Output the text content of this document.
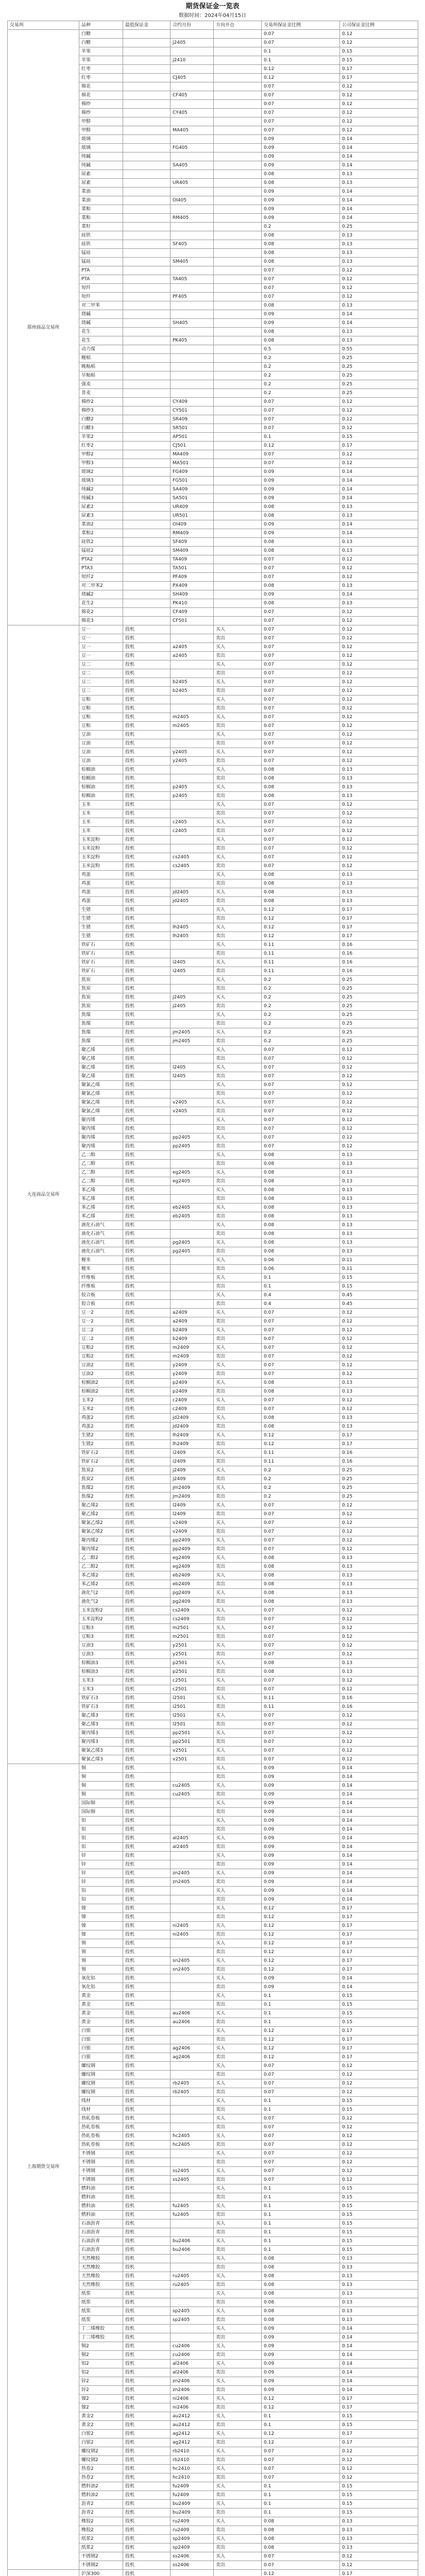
期货保证金一览表
数据时间：2024年04月15日
交易所	品种	最低保证金	合约月份	方向开仓	交易所保证金比例	公司保证金比例
郑州商品交易所	白糖				0.07	0.12
	白糖		j2405		0.07	0.12
	苹果				0.1	0.15
	苹果		j2410		0.1	0.15
	红枣				0.12	0.17
	红枣		CJ405		0.12	0.17
	棉花				0.07	0.12
	棉花		CF405		0.07	0.12
	棉纱				0.07	0.12
	棉纱		CY405		0.07	0.12
	甲醇				0.07	0.12
	甲醇		MA405		0.07	0.12
	玻璃				0.09	0.14
	玻璃		FG405		0.09	0.14
	纯碱				0.09	0.14
	纯碱		SA405		0.09	0.14
	尿素				0.08	0.13
	尿素		UR405		0.08	0.13
	菜油				0.09	0.14
	菜油		OI405		0.09	0.14
	菜粕				0.09	0.14
	菜粕		RM405		0.09	0.14
	菜籽				0.2	0.25
	硅铁				0.08	0.13
	硅铁		SF405		0.08	0.13
	锰硅				0.08	0.13
	锰硅		SM405		0.08	0.13
	PTA				0.07	0.12
	PTA		TA405		0.07	0.12
	短纤				0.07	0.12
	短纤		PF405		0.07	0.12
	对二甲苯				0.08	0.13
	烧碱				0.09	0.14
	烧碱		SH405		0.09	0.14
	花生				0.08	0.13
	花生		PK405		0.08	0.13
	动力煤				0.5	0.55
	粳稻				0.2	0.25
	晚籼稻				0.2	0.25
	早籼稻				0.2	0.25
	强麦				0.2	0.25
	普麦				0.2	0.25
	棉纱2		CY409		0.07	0.12
	棉纱3		CY501		0.07	0.12
	白糖2		SR409		0.07	0.12
	白糖3		SR501		0.07	0.12
	苹果2		AP501		0.1	0.15
	红枣2		CJ501		0.12	0.17
	甲醇2		MA409		0.07	0.12
	甲醇3		MA501		0.07	0.12
	玻璃2		FG409		0.09	0.14
	玻璃3		FG501		0.09	0.14
	纯碱2		SA409		0.09	0.14
	纯碱3		SA501		0.09	0.14
	尿素2		UR409		0.08	0.13
	尿素3		UR501		0.08	0.13
	菜油2		OI409		0.09	0.14
	菜粕2		RM409		0.09	0.14
	硅铁2		SF409		0.08	0.13
	锰硅2		SM409		0.08	0.13
	PTA2		TA409		0.07	0.12
	PTA3		TA501		0.07	0.12
	短纤2		PF409		0.07	0.12
	对二甲苯2		PX409		0.08	0.13
	烧碱2		SH409		0.09	0.14
	花生2		PK410		0.08	0.13
	棉花2		CF409		0.07	0.12
	棉花3		CF501		0.07	0.12
大连商品交易所	豆一	投机		买入	0.07	0.12
	豆一	投机		卖出	0.07	0.12
	豆一	投机	a2405	买入	0.07	0.12
	豆一	投机	a2405	卖出	0.07	0.12
	豆二	投机		买入	0.07	0.12
	豆二	投机		卖出	0.07	0.12
	豆二	投机	b2405	买入	0.07	0.12
	豆二	投机	b2405	卖出	0.07	0.12
	豆粕	投机		买入	0.07	0.12
	豆粕	投机		卖出	0.07	0.12
	豆粕	投机	m2405	买入	0.07	0.12
	豆粕	投机	m2405	卖出	0.07	0.12
	豆油	投机		买入	0.07	0.12
	豆油	投机		卖出	0.07	0.12
	豆油	投机	y2405	买入	0.07	0.12
	豆油	投机	y2405	卖出	0.07	0.12
	棕榈油	投机		买入	0.08	0.13
	棕榈油	投机		卖出	0.08	0.13
	棕榈油	投机	p2405	买入	0.08	0.13
	棕榈油	投机	p2405	卖出	0.08	0.13
	玉米	投机		买入	0.07	0.12
	玉米	投机		卖出	0.07	0.12
	玉米	投机	c2405	买入	0.07	0.12
	玉米	投机	c2405	卖出	0.07	0.12
	玉米淀粉	投机		买入	0.07	0.12
	玉米淀粉	投机		卖出	0.07	0.12
	玉米淀粉	投机	cs2405	买入	0.07	0.12
	玉米淀粉	投机	cs2405	卖出	0.07	0.12
	鸡蛋	投机		买入	0.08	0.13
	鸡蛋	投机		卖出	0.08	0.13
	鸡蛋	投机	jd2405	买入	0.08	0.13
	鸡蛋	投机	jd2405	卖出	0.08	0.13
	生猪	投机		买入	0.12	0.17
	生猪	投机		卖出	0.12	0.17
	生猪	投机	lh2405	买入	0.12	0.17
	生猪	投机	lh2405	卖出	0.12	0.17
	铁矿石	投机		买入	0.11	0.16
	铁矿石	投机		卖出	0.11	0.16
	铁矿石	投机	i2405	买入	0.11	0.16
	铁矿石	投机	i2405	卖出	0.11	0.16
	焦炭	投机		买入	0.2	0.25
	焦炭	投机		卖出	0.2	0.25
	焦炭	投机	j2405	买入	0.2	0.25
	焦炭	投机	j2405	卖出	0.2	0.25
	焦煤	投机		买入	0.2	0.25
	焦煤	投机		卖出	0.2	0.25
	焦煤	投机	jm2405	买入	0.2	0.25
	焦煤	投机	jm2405	卖出	0.2	0.25
	聚乙烯	投机		买入	0.07	0.12
	聚乙烯	投机		卖出	0.07	0.12
	聚乙烯	投机	l2405	买入	0.07	0.12
	聚乙烯	投机	l2405	卖出	0.07	0.12
	聚氯乙烯	投机		买入	0.07	0.12
	聚氯乙烯	投机		卖出	0.07	0.12
	聚氯乙烯	投机	v2405	买入	0.07	0.12
	聚氯乙烯	投机	v2405	卖出	0.07	0.12
	聚丙烯	投机		买入	0.07	0.12
	聚丙烯	投机		卖出	0.07	0.12
	聚丙烯	投机	pp2405	买入	0.07	0.12
	聚丙烯	投机	pp2405	卖出	0.07	0.12
	乙二醇	投机		买入	0.08	0.13
	乙二醇	投机		卖出	0.08	0.13
	乙二醇	投机	eg2405	买入	0.08	0.13
	乙二醇	投机	eg2405	卖出	0.08	0.13
	苯乙烯	投机		买入	0.08	0.13
	苯乙烯	投机		卖出	0.08	0.13
	苯乙烯	投机	eb2405	买入	0.08	0.13
	苯乙烯	投机	eb2405	卖出	0.08	0.13
	液化石油气	投机		买入	0.08	0.13
	液化石油气	投机		卖出	0.08	0.13
	液化石油气	投机	pg2405	买入	0.08	0.13
	液化石油气	投机	pg2405	卖出	0.08	0.13
	粳米	投机		买入	0.06	0.11
	粳米	投机		卖出	0.06	0.11
	纤维板	投机		买入	0.1	0.15
	纤维板	投机		卖出	0.1	0.15
	胶合板	投机		买入	0.4	0.45
	胶合板	投机		卖出	0.4	0.45
	豆一2	投机	a2409	买入	0.07	0.12
	豆一2	投机	a2409	卖出	0.07	0.12
	豆二2	投机	b2409	买入	0.07	0.12
	豆二2	投机	b2409	卖出	0.07	0.12
	豆粕2	投机	m2409	买入	0.07	0.12
	豆粕2	投机	m2409	卖出	0.07	0.12
	豆油2	投机	y2409	买入	0.07	0.12
	豆油2	投机	y2409	卖出	0.07	0.12
	棕榈油2	投机	p2409	买入	0.08	0.13
	棕榈油2	投机	p2409	卖出	0.08	0.13
	玉米2	投机	c2409	买入	0.07	0.12
	玉米2	投机	c2409	卖出	0.07	0.12
	鸡蛋2	投机	jd2409	买入	0.08	0.13
	鸡蛋2	投机	jd2409	卖出	0.08	0.13
	生猪2	投机	lh2409	买入	0.12	0.17
	生猪2	投机	lh2409	卖出	0.12	0.17
	铁矿石2	投机	i2409	买入	0.11	0.16
	铁矿石2	投机	i2409	卖出	0.11	0.16
	焦炭2	投机	j2409	买入	0.2	0.25
	焦炭2	投机	j2409	卖出	0.2	0.25
	焦煤2	投机	jm2409	买入	0.2	0.25
	焦煤2	投机	jm2409	卖出	0.2	0.25
	聚乙烯2	投机	l2409	买入	0.07	0.12
	聚乙烯2	投机	l2409	卖出	0.07	0.12
	聚氯乙烯2	投机	v2409	买入	0.07	0.12
	聚氯乙烯2	投机	v2409	卖出	0.07	0.12
	聚丙烯2	投机	pp2409	买入	0.07	0.12
	聚丙烯2	投机	pp2409	卖出	0.07	0.12
	乙二醇2	投机	eg2409	买入	0.08	0.13
	乙二醇2	投机	eg2409	卖出	0.08	0.13
	苯乙烯2	投机	eb2409	买入	0.08	0.13
	苯乙烯2	投机	eb2409	卖出	0.08	0.13
	液化气2	投机	pg2409	买入	0.08	0.13
	液化气2	投机	pg2409	卖出	0.08	0.13
	玉米淀粉2	投机	cs2409	买入	0.07	0.12
	玉米淀粉2	投机	cs2409	卖出	0.07	0.12
	豆粕3	投机	m2501	买入	0.07	0.12
	豆粕3	投机	m2501	卖出	0.07	0.12
	豆油3	投机	y2501	买入	0.07	0.12
	豆油3	投机	y2501	卖出	0.07	0.12
	棕榈油3	投机	p2501	买入	0.08	0.13
	棕榈油3	投机	p2501	卖出	0.08	0.13
	玉米3	投机	c2501	买入	0.07	0.12
	玉米3	投机	c2501	卖出	0.07	0.12
	铁矿石3	投机	i2501	买入	0.11	0.16
	铁矿石3	投机	i2501	卖出	0.11	0.16
	聚乙烯3	投机	l2501	买入	0.07	0.12
	聚乙烯3	投机	l2501	卖出	0.07	0.12
	聚丙烯3	投机	pp2501	买入	0.07	0.12
	聚丙烯3	投机	pp2501	卖出	0.07	0.12
	聚氯乙烯3	投机	v2501	买入	0.07	0.12
	聚氯乙烯3	投机	v2501	卖出	0.07	0.12
上海期货交易所	铜	投机		买入	0.09	0.14
	铜	投机		卖出	0.09	0.14
	铜	投机	cu2405	买入	0.09	0.14
	铜	投机	cu2405	卖出	0.09	0.14
	国际铜	投机		买入	0.09	0.14
	国际铜	投机		卖出	0.09	0.14
	铝	投机		买入	0.09	0.14
	铝	投机		卖出	0.09	0.14
	铝	投机	al2405	买入	0.09	0.14
	铝	投机	al2405	卖出	0.09	0.14
	锌	投机		买入	0.09	0.14
	锌	投机		卖出	0.09	0.14
	锌	投机	zn2405	买入	0.09	0.14
	锌	投机	zn2405	卖出	0.09	0.14
	铅	投机		买入	0.09	0.14
	铅	投机		卖出	0.09	0.14
	镍	投机		买入	0.12	0.17
	镍	投机		卖出	0.12	0.17
	镍	投机	ni2405	买入	0.12	0.17
	镍	投机	ni2405	卖出	0.12	0.17
	锡	投机		买入	0.12	0.17
	锡	投机		卖出	0.12	0.17
	锡	投机	sn2405	买入	0.12	0.17
	锡	投机	sn2405	卖出	0.12	0.17
	氧化铝	投机		买入	0.09	0.14
	氧化铝	投机		卖出	0.09	0.14
	黄金	投机		买入	0.1	0.15
	黄金	投机		卖出	0.1	0.15
	黄金	投机	au2406	买入	0.1	0.15
	黄金	投机	au2406	卖出	0.1	0.15
	白银	投机		买入	0.12	0.17
	白银	投机		卖出	0.12	0.17
	白银	投机	ag2406	买入	0.12	0.17
	白银	投机	ag2406	卖出	0.12	0.17
	螺纹钢	投机		买入	0.07	0.12
	螺纹钢	投机		卖出	0.07	0.12
	螺纹钢	投机	rb2405	买入	0.07	0.12
	螺纹钢	投机	rb2405	卖出	0.07	0.12
	线材	投机		买入	0.1	0.15
	线材	投机		卖出	0.1	0.15
	热轧卷板	投机		买入	0.07	0.12
	热轧卷板	投机		卖出	0.07	0.12
	热轧卷板	投机	hc2405	买入	0.07	0.12
	热轧卷板	投机	hc2405	卖出	0.07	0.12
	不锈钢	投机		买入	0.07	0.12
	不锈钢	投机		卖出	0.07	0.12
	不锈钢	投机	ss2405	买入	0.07	0.12
	不锈钢	投机	ss2405	卖出	0.07	0.12
	燃料油	投机		买入	0.1	0.15
	燃料油	投机		卖出	0.1	0.15
	燃料油	投机	fu2405	买入	0.1	0.15
	燃料油	投机	fu2405	卖出	0.1	0.15
	石油沥青	投机		买入	0.1	0.15
	石油沥青	投机		卖出	0.1	0.15
	石油沥青	投机	bu2406	买入	0.1	0.15
	石油沥青	投机	bu2406	卖出	0.1	0.15
	天然橡胶	投机		买入	0.08	0.13
	天然橡胶	投机		卖出	0.08	0.13
	天然橡胶	投机	ru2405	买入	0.08	0.13
	天然橡胶	投机	ru2405	卖出	0.08	0.13
	纸浆	投机		买入	0.08	0.13
	纸浆	投机		卖出	0.08	0.13
	纸浆	投机	sp2405	买入	0.08	0.13
	纸浆	投机	sp2405	卖出	0.08	0.13
	丁二烯橡胶	投机		买入	0.09	0.14
	丁二烯橡胶	投机		卖出	0.09	0.14
	铜2	投机	cu2406	买入	0.09	0.14
	铜2	投机	cu2406	卖出	0.09	0.14
	铝2	投机	al2406	买入	0.09	0.14
	铝2	投机	al2406	卖出	0.09	0.14
	锌2	投机	zn2406	买入	0.09	0.14
	锌2	投机	zn2406	卖出	0.09	0.14
	镍2	投机	ni2406	买入	0.12	0.17
	镍2	投机	ni2406	卖出	0.12	0.17
	黄金2	投机	au2412	买入	0.1	0.15
	黄金2	投机	au2412	卖出	0.1	0.15
	白银2	投机	ag2412	买入	0.12	0.17
	白银2	投机	ag2412	卖出	0.12	0.17
	螺纹钢2	投机	rb2410	买入	0.07	0.12
	螺纹钢2	投机	rb2410	卖出	0.07	0.12
	热卷2	投机	hc2410	买入	0.07	0.12
	热卷2	投机	hc2410	卖出	0.07	0.12
	燃料油2	投机	fu2409	买入	0.1	0.15
	燃料油2	投机	fu2409	卖出	0.1	0.15
	沥青2	投机	bu2409	买入	0.1	0.15
	沥青2	投机	bu2409	卖出	0.1	0.15
	橡胶2	投机	ru2409	买入	0.08	0.13
	橡胶2	投机	ru2409	卖出	0.08	0.13
	纸浆2	投机	sp2409	买入	0.08	0.13
	纸浆2	投机	sp2409	卖出	0.08	0.13
	不锈钢2	投机	ss2406	买入	0.07	0.12
	不锈钢2	投机	ss2406	卖出	0.07	0.12
	沪深300	投机			0.12	0.17
